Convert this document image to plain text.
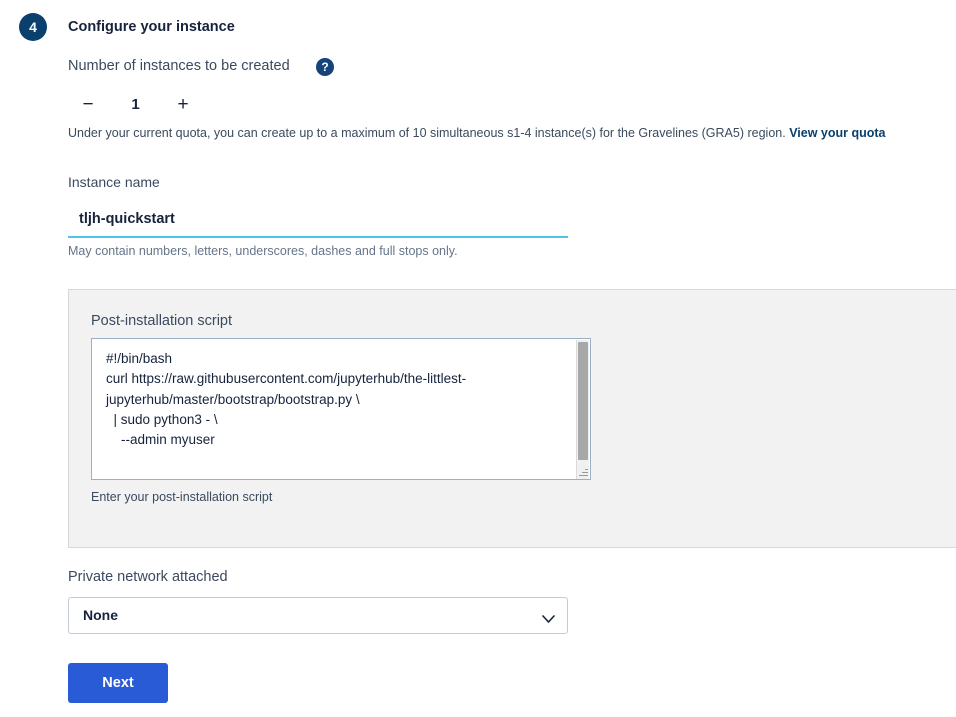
4	Configure your instance
Number of instances to be created	?
−	1	+
Under your current quota, you can create up to a maximum of 10 simultaneous s1-4 instance(s) for the Gravelines (GRA5) region. View your quota
Instance name
tljh-quickstart
May contain numbers, letters, underscores, dashes and full stops only.
Post-installation script
#!/bin/bash curl https://raw.githubusercontent.com/jupyterhub/the-littlest- jupyterhub/master/bootstrap/bootstrap.py \ | sudo python3 - \ --admin myuser
Enter your post-installation script
Private network attached
None
Next
